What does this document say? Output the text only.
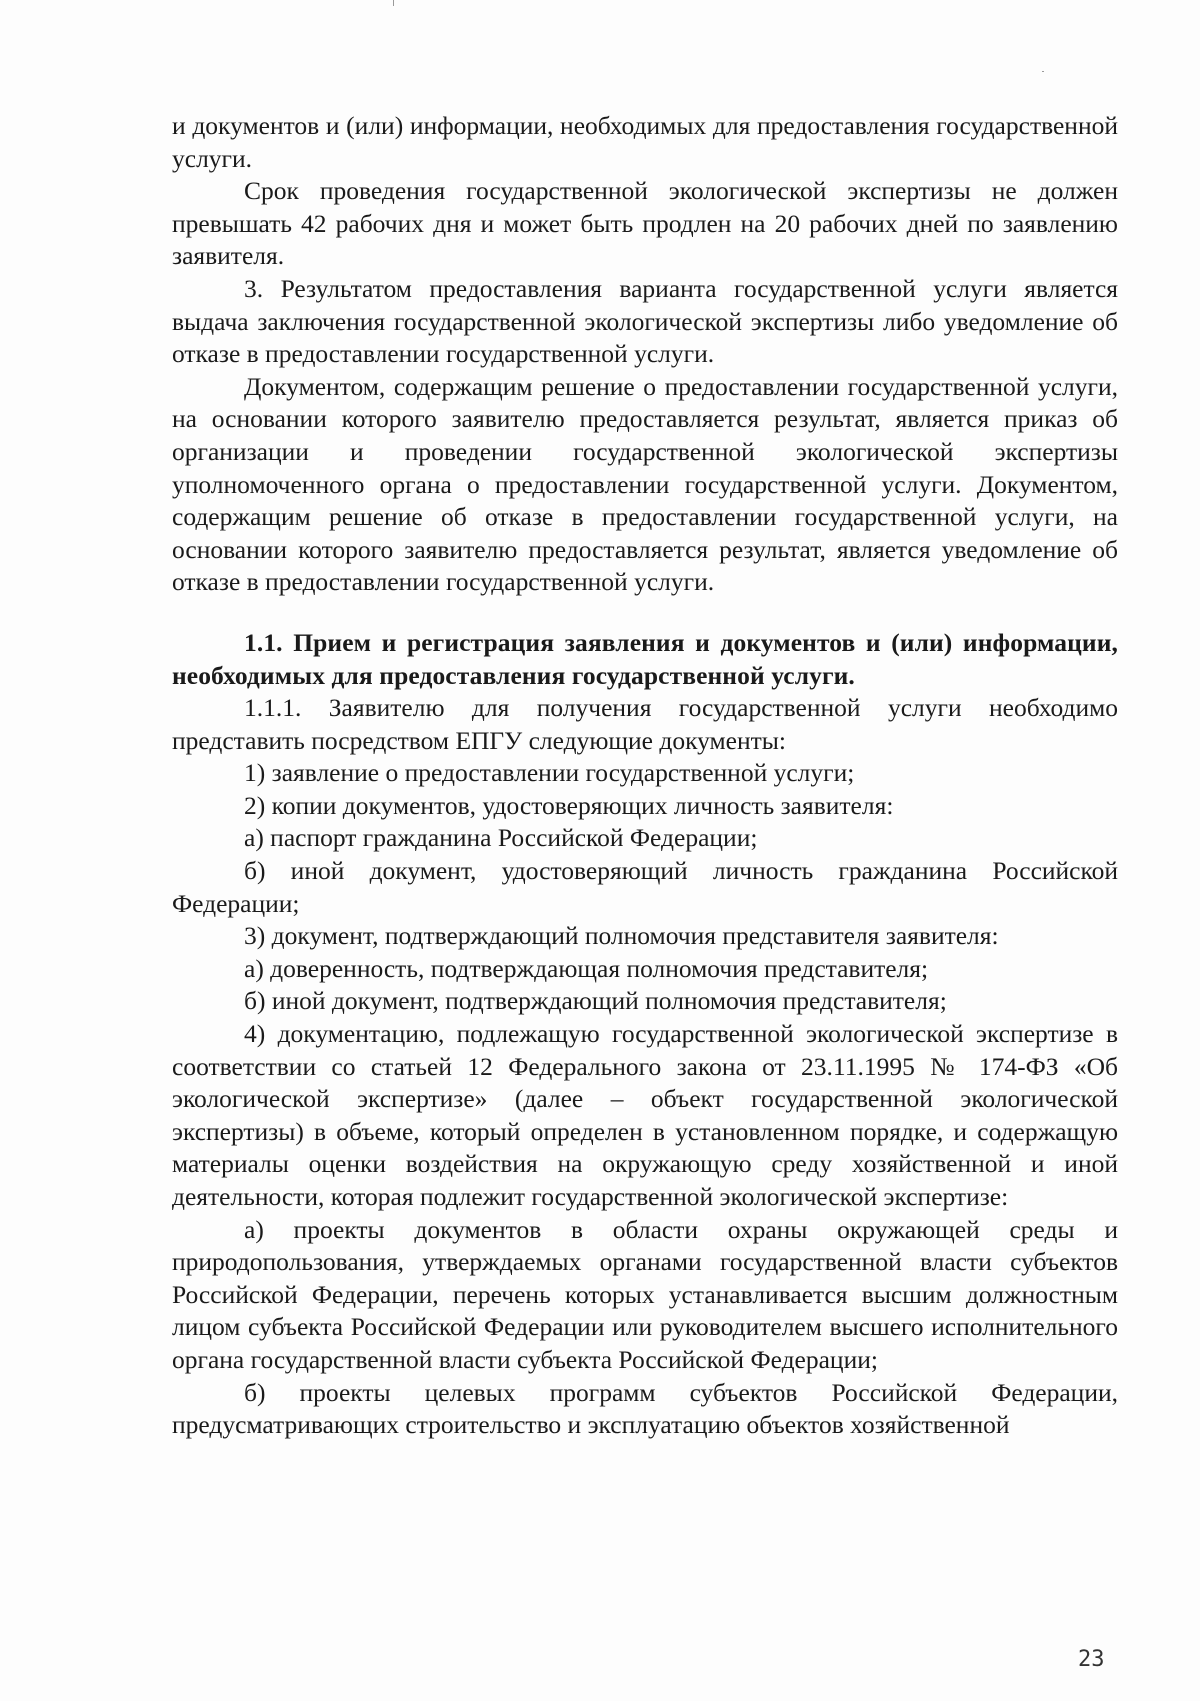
и документов и (или) информации, необходимых для предоставления государственной услуги.

Срок проведения государственной экологической экспертизы не должен превышать 42 рабочих дня и может быть продлен на 20 рабочих дней по заявлению заявителя.

3. Результатом предоставления варианта государственной услуги является выдача заключения государственной экологической экспертизы либо уведомление об отказе в предоставлении государственной услуги.

Документом, содержащим решение о предоставлении государственной услуги, на основании которого заявителю предоставляется результат, является приказ об организации и проведении государственной экологической экспертизы уполномоченного органа о предоставлении государственной услуги. Документом, содержащим решение об отказе в предоставлении государственной услуги, на основании которого заявителю предоставляется результат, является уведомление об отказе в предоставлении государственной услуги.

1.1. Прием и регистрация заявления и документов и (или) информации, необходимых для предоставления государственной услуги.

1.1.1. Заявителю для получения государственной услуги необходимо представить посредством ЕПГУ следующие документы:

1) заявление о предоставлении государственной услуги;

2) копии документов, удостоверяющих личность заявителя:

а) паспорт гражданина Российской Федерации;

б) иной документ, удостоверяющий личность гражданина Российской Федерации;

3) документ, подтверждающий полномочия представителя заявителя:

а) доверенность, подтверждающая полномочия представителя;

б) иной документ, подтверждающий полномочия представителя;

4) документацию, подлежащую государственной экологической экспертизе в соответствии со статьей 12 Федерального закона от 23.11.1995 № 174-ФЗ «Об экологической экспертизе» (далее – объект государственной экологической экспертизы) в объеме, который определен в установленном порядке, и содержащую материалы оценки воздействия на окружающую среду хозяйственной и иной деятельности, которая подлежит государственной экологической экспертизе:

а) проекты документов в области охраны окружающей среды и природопользования, утверждаемых органами государственной власти субъектов Российской Федерации, перечень которых устанавливается высшим должностным лицом субъекта Российской Федерации или руководителем высшего исполнительного органа государственной власти субъекта Российской Федерации;

б) проекты целевых программ субъектов Российской Федерации, предусматривающих строительство и эксплуатацию объектов хозяйственной

23
